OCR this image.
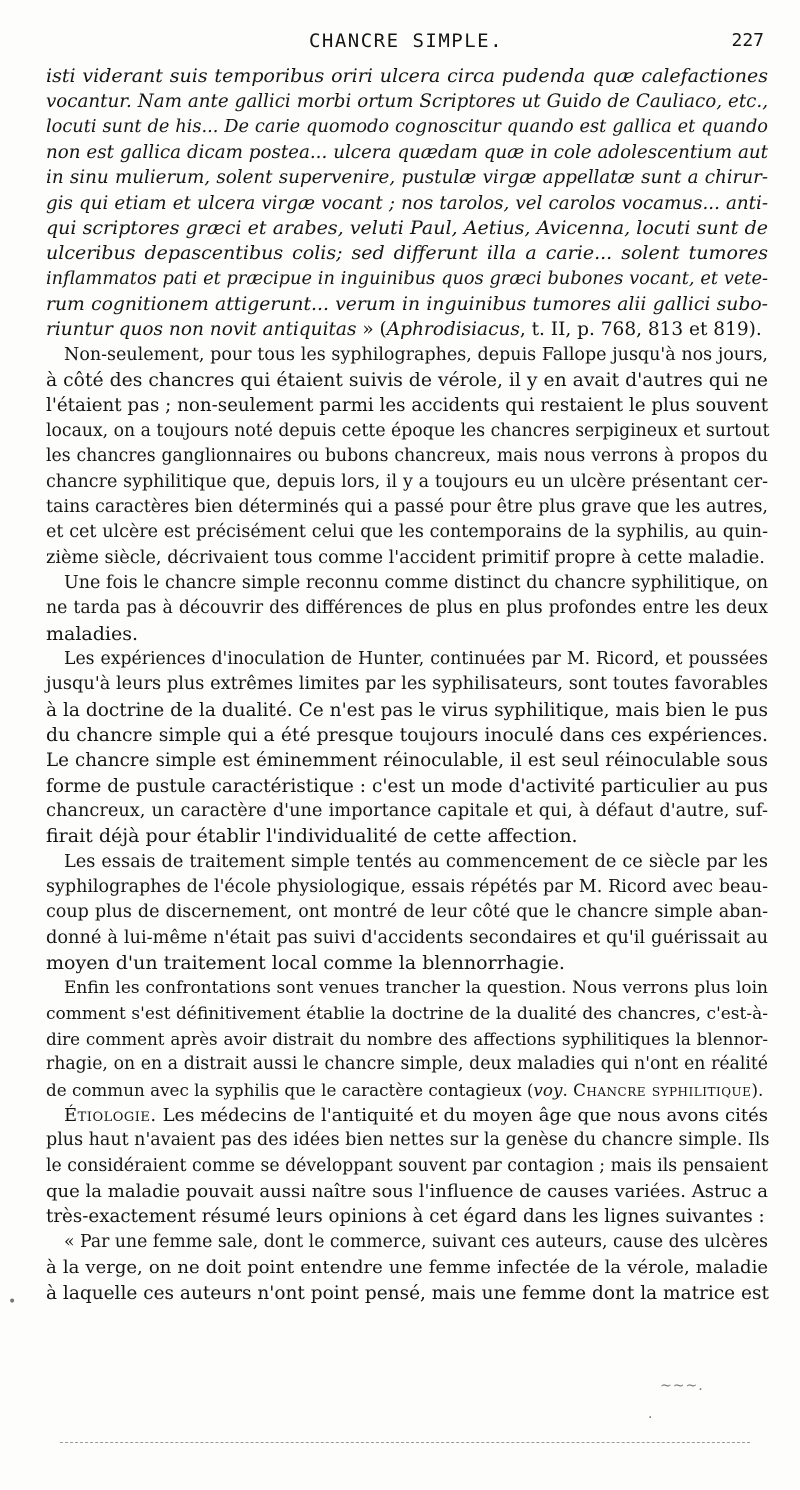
CHANCRE SIMPLE.	227
isti viderant suis temporibus oriri ulcera circa pudenda quæ calefactiones
vocantur. Nam ante gallici morbi ortum Scriptores ut Guido de Cauliaco, etc.,
locuti sunt de his... De carie quomodo cognoscitur quando est gallica et quando
non est gallica dicam postea... ulcera quædam quæ in cole adolescentium aut
in sinu mulierum, solent supervenire, pustulæ virgæ appellatæ sunt a chirur-
gis qui etiam et ulcera virgæ vocant ; nos tarolos, vel carolos vocamus... anti-
qui scriptores græci et arabes, veluti Paul, Aetius, Avicenna, locuti sunt de
ulceribus depascentibus colis; sed differunt illa a carie... solent tumores
inflammatos pati et præcipue in inguinibus quos græci bubones vocant, et vete-
rum cognitionem attigerunt... verum in inguinibus tumores alii gallici subo-
riuntur quos non novit antiquitas » (Aphrodisiacus, t. II, p. 768, 813 et 819).
Non-seulement, pour tous les syphilographes, depuis Fallope jusqu'à nos jours,
à côté des chancres qui étaient suivis de vérole, il y en avait d'autres qui ne
l'étaient pas ; non-seulement parmi les accidents qui restaient le plus souvent
locaux, on a toujours noté depuis cette époque les chancres serpigineux et surtout
les chancres ganglionnaires ou bubons chancreux, mais nous verrons à propos du
chancre syphilitique que, depuis lors, il y a toujours eu un ulcère présentant cer-
tains caractères bien déterminés qui a passé pour être plus grave que les autres,
et cet ulcère est précisément celui que les contemporains de la syphilis, au quin-
zième siècle, décrivaient tous comme l'accident primitif propre à cette maladie.
Une fois le chancre simple reconnu comme distinct du chancre syphilitique, on
ne tarda pas à découvrir des différences de plus en plus profondes entre les deux
maladies.
Les expériences d'inoculation de Hunter, continuées par M. Ricord, et poussées
jusqu'à leurs plus extrêmes limites par les syphilisateurs, sont toutes favorables
à la doctrine de la dualité. Ce n'est pas le virus syphilitique, mais bien le pus
du chancre simple qui a été presque toujours inoculé dans ces expériences.
Le chancre simple est éminemment réinoculable, il est seul réinoculable sous
forme de pustule caractéristique : c'est un mode d'activité particulier au pus
chancreux, un caractère d'une importance capitale et qui, à défaut d'autre, suf-
firait déjà pour établir l'individualité de cette affection.
Les essais de traitement simple tentés au commencement de ce siècle par les
syphilographes de l'école physiologique, essais répétés par M. Ricord avec beau-
coup plus de discernement, ont montré de leur côté que le chancre simple aban-
donné à lui-même n'était pas suivi d'accidents secondaires et qu'il guérissait au
moyen d'un traitement local comme la blennorrhagie.
Enfin les confrontations sont venues trancher la question. Nous verrons plus loin
comment s'est définitivement établie la doctrine de la dualité des chancres, c'est-à-
dire comment après avoir distrait du nombre des affections syphilitiques la blennor-
rhagie, on en a distrait aussi le chancre simple, deux maladies qui n'ont en réalité
de commun avec la syphilis que le caractère contagieux (voy. Chancre syphilitique).
Étiologie. Les médecins de l'antiquité et du moyen âge que nous avons cités
plus haut n'avaient pas des idées bien nettes sur la genèse du chancre simple. Ils
le considéraient comme se développant souvent par contagion ; mais ils pensaient
que la maladie pouvait aussi naître sous l'influence de causes variées. Astruc a
très-exactement résumé leurs opinions à cet égard dans les lignes suivantes :
« Par une femme sale, dont le commerce, suivant ces auteurs, cause des ulcères
à la verge, on ne doit point entendre une femme infectée de la vérole, maladie
à laquelle ces auteurs n'ont point pensé, mais une femme dont la matrice est
•
~~~.
·
